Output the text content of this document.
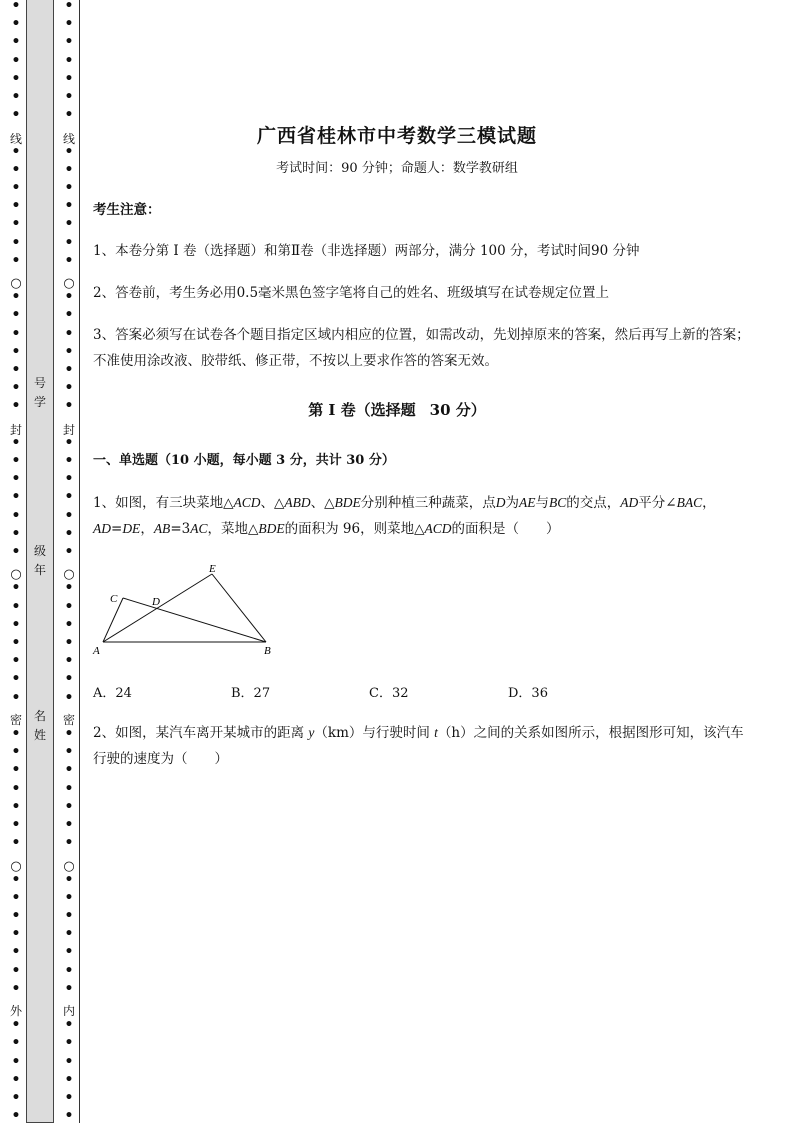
•
•
•
•
•
•
•
•
•
•
•
•
•
•
•
•
•
•
•
•
•
•
•
•
•
•
•
•
•
•
•
•
•
•
•
•
•
•
•
•
•
•
•
•
•
•
•
•
•
•
•
•
•
•
•
线
○
封
○
密
○
外
号
学
级
年
名
姓
•
•
•
•
•
•
•
•
•
•
•
•
•
•
•
•
•
•
•
•
•
•
•
•
•
•
•
•
•
•
•
•
•
•
•
•
•
•
•
•
•
•
•
•
•
•
•
•
•
•
•
•
•
•
•
线
○
封
○
密
○
内
广西省桂林市中考数学三模试题
考试时间：90 分钟；命题人：数学教研组
考生注意：
1、本卷分第 I 卷（选择题）和第Ⅱ卷（非选择题）两部分，满分 100 分，考试时间90 分钟
2、答卷前，考生务必用0.5毫米黑色签字笔将自己的姓名、班级填写在试卷规定位置上
3、答案必须写在试卷各个题目指定区域内相应的位置，如需改动，先划掉原来的答案，然后再写上新的答案；不准使用涂改液、胶带纸、修正带，不按以上要求作答的答案无效。
第 I 卷（选择题 30 分）
一、单选题（10 小题，每小题 3 分，共计 30 分）
1、如图，有三块菜地△ACD、△ABD、△BDE分别种植三种蔬菜，点D为AE与BC的交点，AD平分∠BAC，AD=DE，AB=3AC，菜地△BDE的面积为 96，则菜地△ACD的面积是（　　）
A	B
C	D
E
A．24	B．27	C．32	D．36
2、如图，某汽车离开某城市的距离 y（km）与行驶时间 t（h）之间的关系如图所示，根据图形可知，该汽车行驶的速度为（　　）
